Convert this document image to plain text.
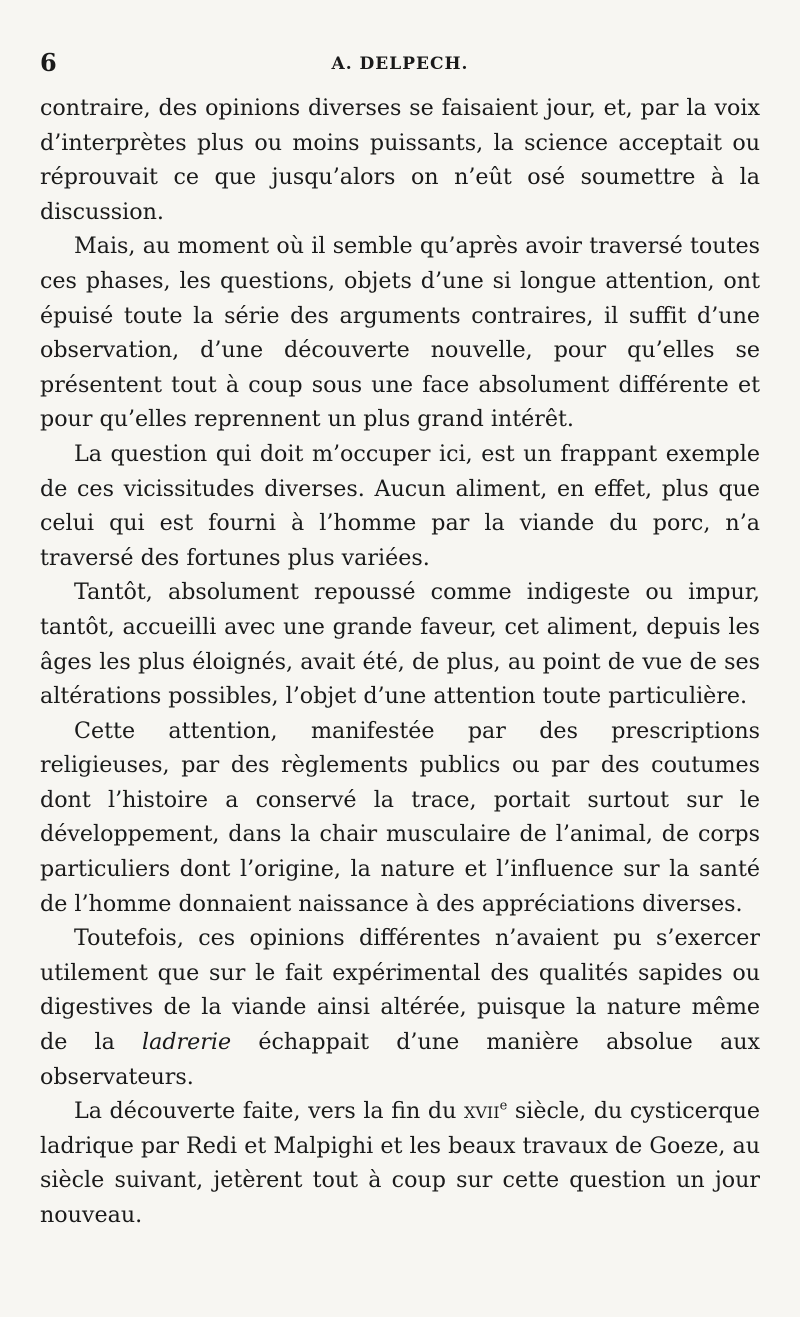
6	A. DELPECH.

contraire, des opinions diverses se faisaient jour, et, par la voix d’interprètes plus ou moins puissants, la science acceptait ou réprouvait ce que jusqu’alors on n’eût osé soumettre à la discussion.

Mais, au moment où il semble qu’après avoir traversé toutes ces phases, les questions, objets d’une si longue attention, ont épuisé toute la série des arguments contraires, il suffit d’une observation, d’une découverte nouvelle, pour qu’elles se présentent tout à coup sous une face absolument différente et pour qu’elles reprennent un plus grand intérêt.

La question qui doit m’occuper ici, est un frappant exemple de ces vicissitudes diverses. Aucun aliment, en effet, plus que celui qui est fourni à l’homme par la viande du porc, n’a traversé des fortunes plus variées.

Tantôt, absolument repoussé comme indigeste ou impur, tantôt, accueilli avec une grande faveur, cet aliment, depuis les âges les plus éloignés, avait été, de plus, au point de vue de ses altérations possibles, l’objet d’une attention toute particulière.

Cette attention, manifestée par des prescriptions religieuses, par des règlements publics ou par des coutumes dont l’histoire a conservé la trace, portait surtout sur le développement, dans la chair musculaire de l’animal, de corps particuliers dont l’origine, la nature et l’influence sur la santé de l’homme donnaient naissance à des appréciations diverses.

Toutefois, ces opinions différentes n’avaient pu s’exercer utilement que sur le fait expérimental des qualités sapides ou digestives de la viande ainsi altérée, puisque la nature même de la ladrerie échappait d’une manière absolue aux observateurs.

La découverte faite, vers la fin du xvii$^e$ siècle, du cysticerque ladrique par Redi et Malpighi et les beaux travaux de Goeze, au siècle suivant, jetèrent tout à coup sur cette question un jour nouveau.
